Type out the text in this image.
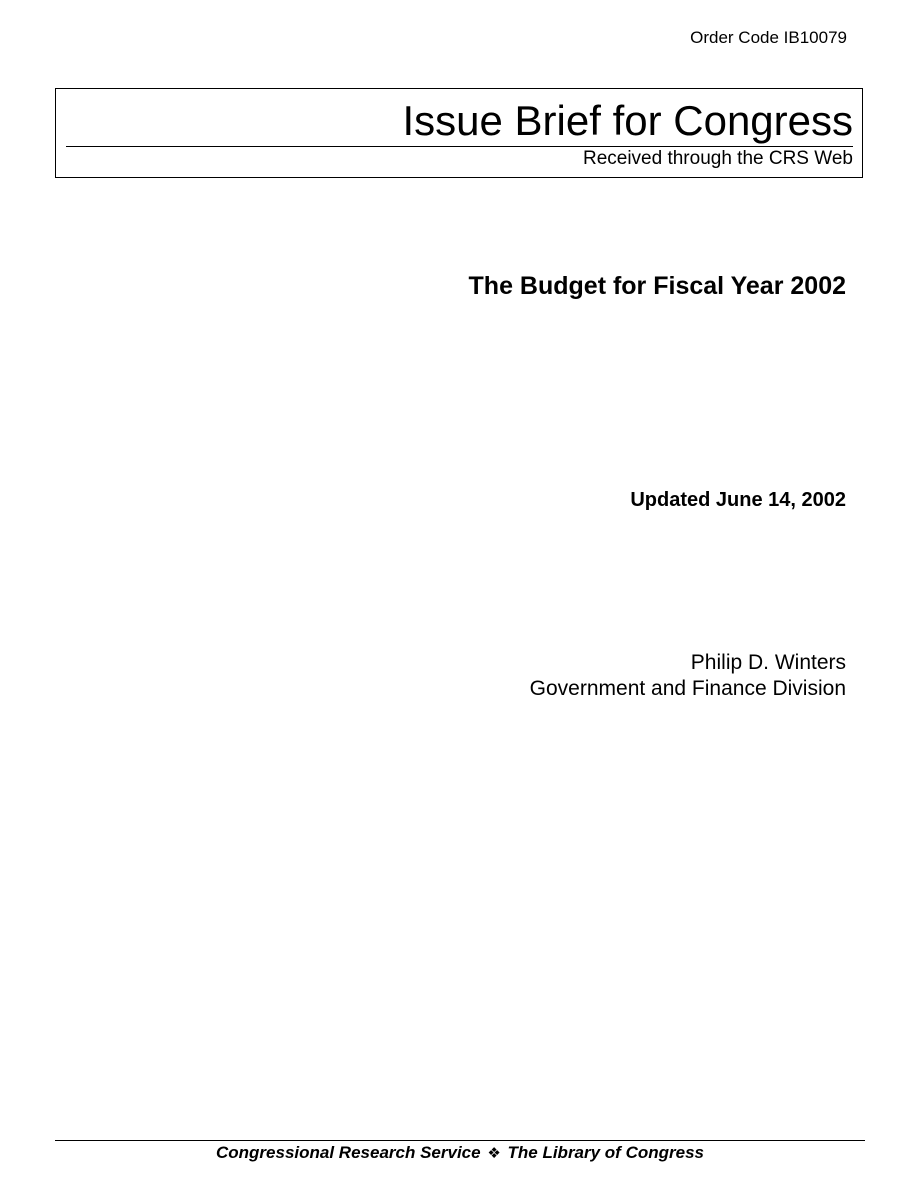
Order Code IB10079
Issue Brief for Congress
Received through the CRS Web
The Budget for Fiscal Year 2002
Updated June 14, 2002
Philip D. Winters
Government and Finance Division
Congressional Research Service ❖ The Library of Congress
